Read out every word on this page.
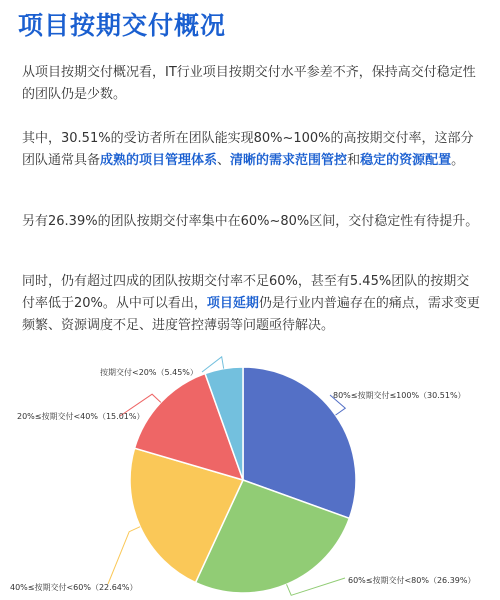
项目按期交付概况
从项目按期交付概况看，IT行业项目按期交付水平参差不齐，保持高交付稳定性的团队仍是少数。
其中，30.51%的受访者所在团队能实现80%~100%的高按期交付率，这部分团队通常具备成熟的项目管理体系、清晰的需求范围管控和稳定的资源配置。
另有26.39%的团队按期交付率集中在60%~80%区间，交付稳定性有待提升。
同时，仍有超过四成的团队按期交付率不足60%，甚至有5.45%团队的按期交付率低于20%。从中可以看出，项目延期仍是行业内普遍存在的痛点，需求变更频繁、资源调度不足、进度管控薄弱等问题亟待解决。
80%≤按期交付≤100%（30.51%）
60%≤按期交付<80%（26.39%）
40%≤按期交付<60%（22.64%）
20%≤按期交付<40%（15.01%）
按期交付<20%（5.45%）
